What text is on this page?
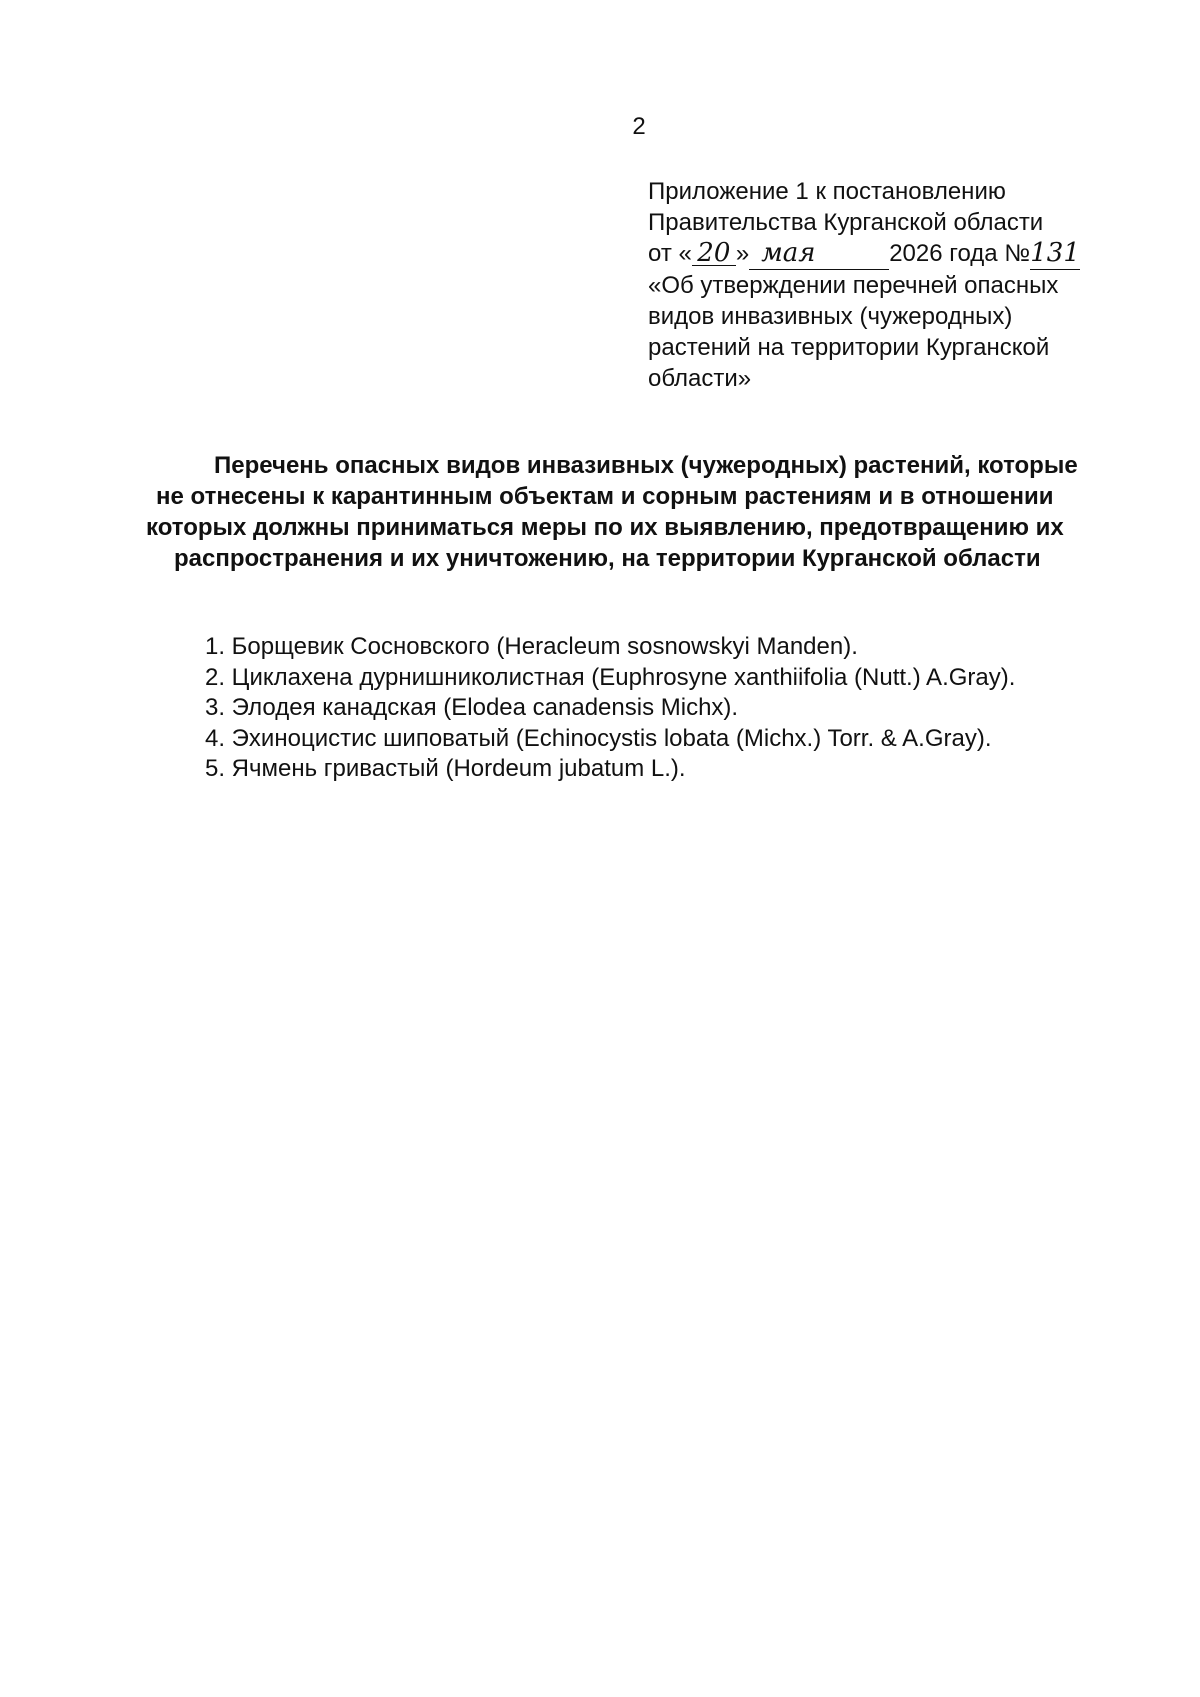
2
Приложение 1 к постановлению
Правительства Курганской области
от « 20 » мая	2026 года №131
«Об утверждении перечней опасных
видов инвазивных (чужеродных)
растений на территории Курганской
области»
Перечень опасных видов инвазивных (чужеродных) растений, которые
не отнесены к карантинным объектам и сорным растениям и в отношении
которых должны приниматься меры по их выявлению, предотвращению их
распространения и их уничтожению, на территории Курганской области
1. Борщевик Сосновского (Heracleum sosnowskyi Manden).
2. Циклахена дурнишниколистная (Euphrosyne xanthiifolia (Nutt.) A.Gray).
3. Элодея канадская (Elodea canadensis Michx).
4. Эхиноцистис шиповатый (Echinocystis lobata (Michx.) Torr. & A.Gray).
5. Ячмень гривастый (Hordeum jubatum L.).
